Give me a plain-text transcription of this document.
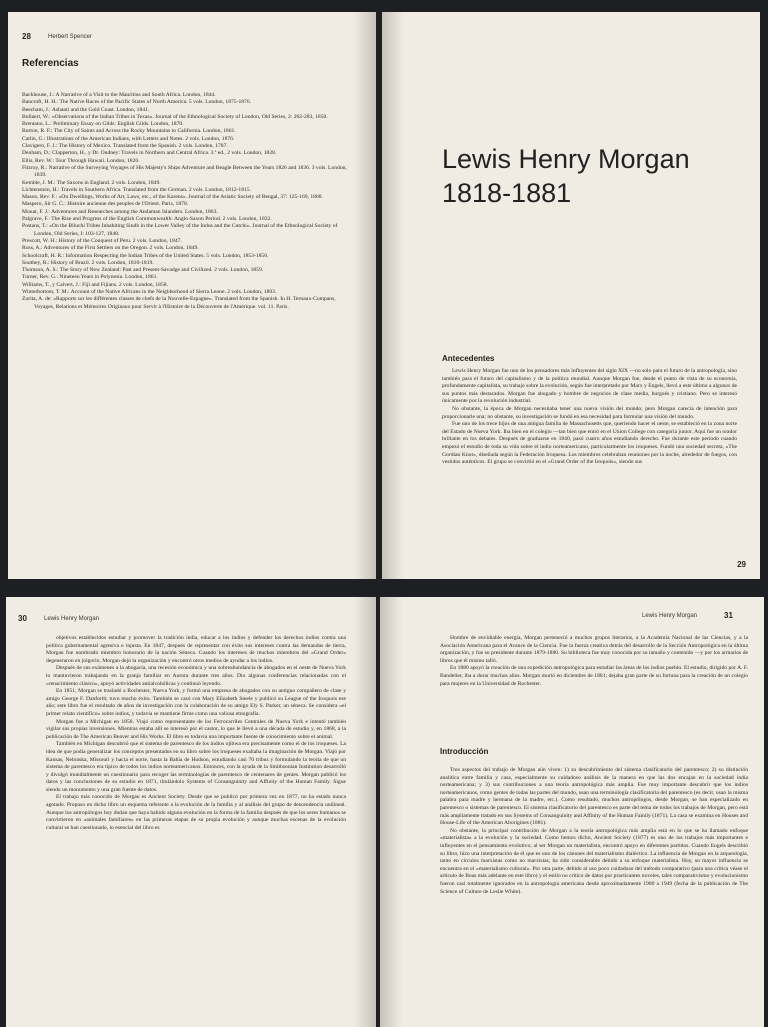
28	Herbert Spencer
Referencias

Backhouse, J.: A Narrative of a Visit to the Mauritius and South Africa. London, 1844.

Bancroft, H. H.: The Native Races of the Pacific States of North America. 5 vols. London, 1875-1876.

Beecham, J.: Ashanti and the Gold Coast. London, 1841.

Bollaert, W.: «Observations of the Indian Tribes in Texas». Journal of the Ethnological Society of London, Old Series, 2: 262-283, 1850.

Brentano, L.: Preliminary Essay on Gilds: English Gilds. London, 1870.

Burton, R. F.: The City of Saints and Across the Rocky Mountains to California. London, 1861.

Catlin, G.: Illustrations of the American Indians, with Letters and Notes. 2 vols. London, 1876.

Clavigero, F. J.: The History of Mexico. Translated from the Spanish. 2 vols. London, 1787.

Denham, D.; Clapperton, H., y Dr. Oudney: Travels in Northern and Central Africa. 3.ª ed., 2 vols. London, 1828.

Ellis, Rev. W.: Tour Through Hawaii. London, 1826.

Fitzroy, R.: Narrative of the Surveying Voyages of His Majesty's Ships Adventure and Beagle Between the Years 1826 and 1836. 3 vols. London, 1839.

Kemble, J. M.: The Saxons in England. 2 vols. London, 1849.

Lichtenstein, H.: Travels in Southern Africa. Translated from the German. 2 vols. London, 1812-1815.

Mason, Rev. F.: «On Dwellings, Works of Art, Laws, etc., of the Karens». Journal of the Asiatic Society of Bengal, 37: 125-169, 1868.

Maspero, Sir G. C.: Histoire ancienne des peuples de l'Orient. Paris, 1878.

Mouat, F. J.: Adventures and Researches among the Andaman Islanders. London, 1863.

Palgrave, F.: The Rise and Progress of the English Commonwealth: Anglo-Saxon Period. 2 vols. London, 1832.

Postans, T.: «On the Biluchi Tribes Inhabiting Sindh in the Lower Valley of the Indus and the Cutchi». Journal of the Ethnological Society of London, Old Series, I: 103-127, 1848.

Prescott, W. H.: History of the Conquest of Peru. 2 vols. London, 1847.

Ross, A.: Adventures of the First Settlers on the Oregon. 2 vols. London, 1849.

Schoolcraft, H. R.: Information Respecting the Indian Tribes of the United States. 5 vols. London, 1853-1856.

Southey, R.: History of Brazil. 2 vols. London, 1810-1819.

Thomson, A. S.: The Story of New Zealand: Past and Present-Savadge and Civilized. 2 vols. London, 1859.

Turner, Rev. G.: Nineteen Years in Polynesia. London, 1861.

Williams, T., y Calvert, J.: Fiji and Fijians. 2 vols. London, 1858.

Winterbottom, T. M.: Account of the Native Africans in the Neighborhood of Sierra Leone. 2 vols. London, 1803.

Zurita, A. de: «Rapports sur les différentes classes de chefs de la Nouvelle-Espagne». Translated from the Spanish. In H. Ternaux-Compans, Voyages, Relations et Mémoires Originaux pour Servir à l'Histoire de la Découverte de l'Amérique. vol. 11. Paris.

Lewis Henry Morgan
1818-1881
Antecedentes

Lewis Henry Morgan fue uno de los pensadores más influyentes del siglo XIX —no solo para el futuro de la antropología, sino también para el futuro del capitalismo y de la política mundial. Aunque Morgan fue, desde el punto de vista de su economía, profundamente capitalista, su trabajo sobre la evolución, según fue interpretado por Marx y Engels, llevó a este último a algunos de sus puntos más destacados. Morgan fue abogado y hombre de negocios de clase media, burgués y cristiano. Pero se interesó únicamente por la revolución industrial.

No obstante, la época de Morgan necesitaba tener una nueva visión del mundo; pero Morgan carecía de intención para proporcionarle una; no obstante, su investigación se fundó en esa necesidad para formular una visión del mundo.

Fue uno de los trece hijos de una antigua familia de Massachusetts que, queriendo hacer el oeste, se estableció en la zona norte del Estado de Nueva York. Iba bien en el colegio —tan bien que entró en el Union College con categoría junior. Aquí fue un orador brillante en los debates. Después de graduarse en 1840, pasó cuatro años estudiando derecho. Fue durante este período cuando empezó el estudio de toda su vida sobre el indio norteamericano, particularmente los iroqueses. Fundó una sociedad secreta, «The Gordian Knot», diseñada según la Federación Iroquesa. Los miembros celebraban reuniones por la noche, alrededor de fuegos, con vestidos auténticos. El grupo se convirtió en el «Grand Order of the Iroquois», siendo sus

29
30	Lewis Henry Morgan

objetivos establecidos estudiar y promover la tradición india, educar a los indios y defender los derechos indios contra una política gubernamental agresiva e injusta. En 1847, después de representar con éxito sus intereses contra las demandas de tierra, Morgan fue nombrado miembro honorario de la nación Séneca. Cuando los intereses de muchos miembros del «Grand Order» degeneraron en jolgorio, Morgan dejó la organización y encontró otros medios de ayudar a los indios.

Después de sus exámenes a la abogacía, una recesión económica y una sobreabundancia de abogados en el oeste de Nueva York lo mantuvieron trabajando en la granja familiar en Aurora durante tres años. Dio algunas conferencias relacionadas con el «renacimiento clásico», apoyó actividades antialcohólicas y continuó leyendo.

En 1851, Morgan se trasladó a Rochester, Nueva York, y formó una empresa de abogados con su antiguo compañero de clase y amigo George F. Danforth; tuvo mucho éxito. También se casó con Mary Elizabeth Steele y publicó su League of the Iroquois ese año; este libro fue el resultado de años de investigación con la colaboración de su amigo Ely S. Parker, un séneca. Se considera «el primer relato científico» sobre indios, y todavía se mantiene firme como una valiosa etnografía.

Morgan fue a Michigan en 1858. Viajó como representante de los Ferrocarriles Centrales de Nueva York e intentó también vigilar sus propias inversiones. Mientras estaba allí se interesó por el castor, lo que le llevó a una década de estudio y, en 1868, a la publicación de The American Beaver and His Works. El libro es todavía una importante fuente de conocimiento sobre el animal.

También en Michigan descubrió que el sistema de parentesco de los indios ojibwa era precisamente como el de los iroqueses. La idea de que podía generalizar los conceptos presentados en su libro sobre los iroqueses exaltaba la imaginación de Morgan. Viajó por Kansas, Nebraska, Missouri y hacia el norte, hasta la Bahía de Hudson, estudiando casi 70 tribus y formulando la teoría de que un sistema de parentesco era típico de todos los indios norteamericanos. Entonces, con la ayuda de la Smithsonian Institution desarrolló y divulgó mundialmente un cuestionario para recoger las terminologías de parentesco de centenares de gentes. Morgan publicó los datos y las conclusiones de su estudio en 1871, titulándolo Systems of Consanguinity and Affinity of the Human Family. Sigue siendo un monumento y una gran fuente de datos.

El trabajo más conocido de Morgan es Ancient Society. Desde que se publicó por primera vez en 1877, no ha estado nunca agotado. Propuso en dicho libro un esquema referente a la evolución de la familia y al análisis del grupo de descendencia unilineal. Aunque los antropólogos hoy dudan que haya habido alguna evolución en la forma de la familia después de que los seres humanos se convirtieron en «animales familiares» en las primeras etapas de su propia evolución y aunque muchas escenas de la evolución cultural se han cuestionado, lo esencial del libro es

Lewis Henry Morgan	31

Hombre de envidiable energía, Morgan perteneció a muchos grupos literarios, a la Academia Nacional de las Ciencias, y a la Asociación Americana para el Avance de la Ciencia. Fue la fuerza creativa detrás del desarrollo de la Sección Antropológica en la última organización, y fue su presidente durante 1879-1880. Su biblioteca fue muy conocida por su tamaño y contenido —y por los armarios de libros que él mismo talló.

En 1880 apoyó la creación de una expedición antropológica para estudiar las áreas de los indios pueblo. El estudio, dirigido por A. F. Bandelier, iba a durar muchos años. Morgan murió en diciembre de 1881; dejaba gran parte de su fortuna para la creación de un colegio para mujeres en la Universidad de Rochester.

Introducción

Tres aspectos del trabajo de Morgan aún viven: 1) su descubrimiento del sistema clasificatorio del parentesco; 2) su distinción analítica entre familia y casa, especialmente su cuidadoso análisis de la manera en que las dos encajan en la sociedad india norteamericana; y 3) sus contribuciones a una teoría antropológica más amplia. Fue muy importante descubrir que los indios norteamericanos, como gentes de todas las partes del mundo, usan una terminología clasificatoria del parentesco (es decir, usan la misma palabra para madre y hermana de la madre, etc.). Como resultado, muchos antropólogos, desde Morgan, se han especializado en parentesco o sistemas de parentesco. El sistema clasificatorio del parentesco es parte del tema de todos los trabajos de Morgan, pero está más ampliamente tratado en sus Systems of Consanguinity and Affinity of the Human Family (1871). La casa se examina en Houses and House-Life of the American Aborigines (1881).

No obstante, la principal contribución de Morgan a la teoría antropológica más amplia está en lo que se ha llamado enfoque «materialista» a la evolución y la sociedad. Como hemos dicho, Ancient Society (1877) es uno de los trabajos más importantes e influyentes en el pensamiento evolutivo; al ser Morgan un materialista, encontró apoyo en diferentes partidos. Cuando Engels describió su libro, hizo una interpretación de él que es uno de los cánones del materialismo dialéctico. La influencia de Morgan en la arqueología, tanto en círculos marxistas como no marxistas, ha sido considerable debido a su enfoque materialista. Hoy, su mayor influencia se encuentra en el «materialismo cultural». Por otra parte, debido al uso poco cuidadoso del método comparativo (para una crítica véase el artículo de Boas más adelante en este libro) y el estilo no crítico de datos por practicantes noveles, tales comparativismo y evolucionismo fueron casi totalmente ignorados en la antropología americana desde aproximadamente 1900 a 1949 (fecha de la publicación de The Science of Culture de Leslie White).
